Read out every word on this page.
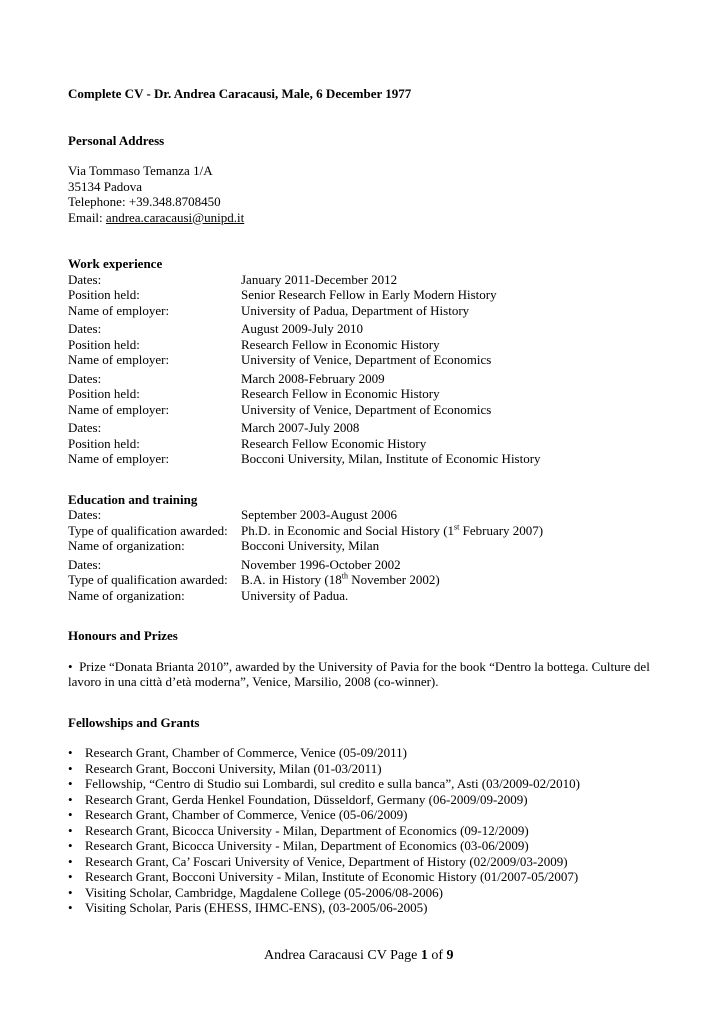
Complete CV - Dr. Andrea Caracausi, Male, 6 December 1977
Personal Address
Via Tommaso Temanza 1/A
35134 Padova
Telephone: +39.348.8708450
Email: andrea.caracausi@unipd.it
Work experience
Dates:	January 2011-December 2012
Position held:	Senior Research Fellow in Early Modern History
Name of employer:	University of Padua, Department of History
Dates:	August 2009-July 2010
Position held:	Research Fellow in Economic History
Name of employer:	University of Venice, Department of Economics
Dates:	March 2008-February 2009
Position held:	Research Fellow in Economic History
Name of employer:	University of Venice, Department of Economics
Dates:	March 2007-July 2008
Position held:	Research Fellow Economic History
Name of employer:	Bocconi University, Milan, Institute of Economic History
Education and training
Dates:	September 2003-August 2006
Type of qualification awarded:	Ph.D. in Economic and Social History (1st February 2007)
Name of organization:	Bocconi University, Milan
Dates:	November 1996-October 2002
Type of qualification awarded:	B.A. in History (18th November 2002)
Name of organization:	University of Padua.
Honours and Prizes
• Prize “Donata Brianta 2010”, awarded by the University of Pavia for the book “Dentro la bottega. Culture del lavoro in una città d’età moderna”, Venice, Marsilio, 2008 (co-winner).
Fellowships and Grants
• Research Grant, Chamber of Commerce, Venice (05-09/2011)
• Research Grant, Bocconi University, Milan (01-03/2011)
• Fellowship, “Centro di Studio sui Lombardi, sul credito e sulla banca”, Asti (03/2009-02/2010)
• Research Grant, Gerda Henkel Foundation, Düsseldorf, Germany (06-2009/09-2009)
• Research Grant, Chamber of Commerce, Venice (05-06/2009)
• Research Grant, Bicocca University - Milan, Department of Economics (09-12/2009)
• Research Grant, Bicocca University - Milan, Department of Economics (03-06/2009)
• Research Grant, Ca’ Foscari University of Venice, Department of History (02/2009/03-2009)
• Research Grant, Bocconi University - Milan, Institute of Economic History (01/2007-05/2007)
• Visiting Scholar, Cambridge, Magdalene College (05-2006/08-2006)
• Visiting Scholar, Paris (EHESS, IHMC-ENS), (03-2005/06-2005)
Andrea Caracausi CV Page 1 of 9
